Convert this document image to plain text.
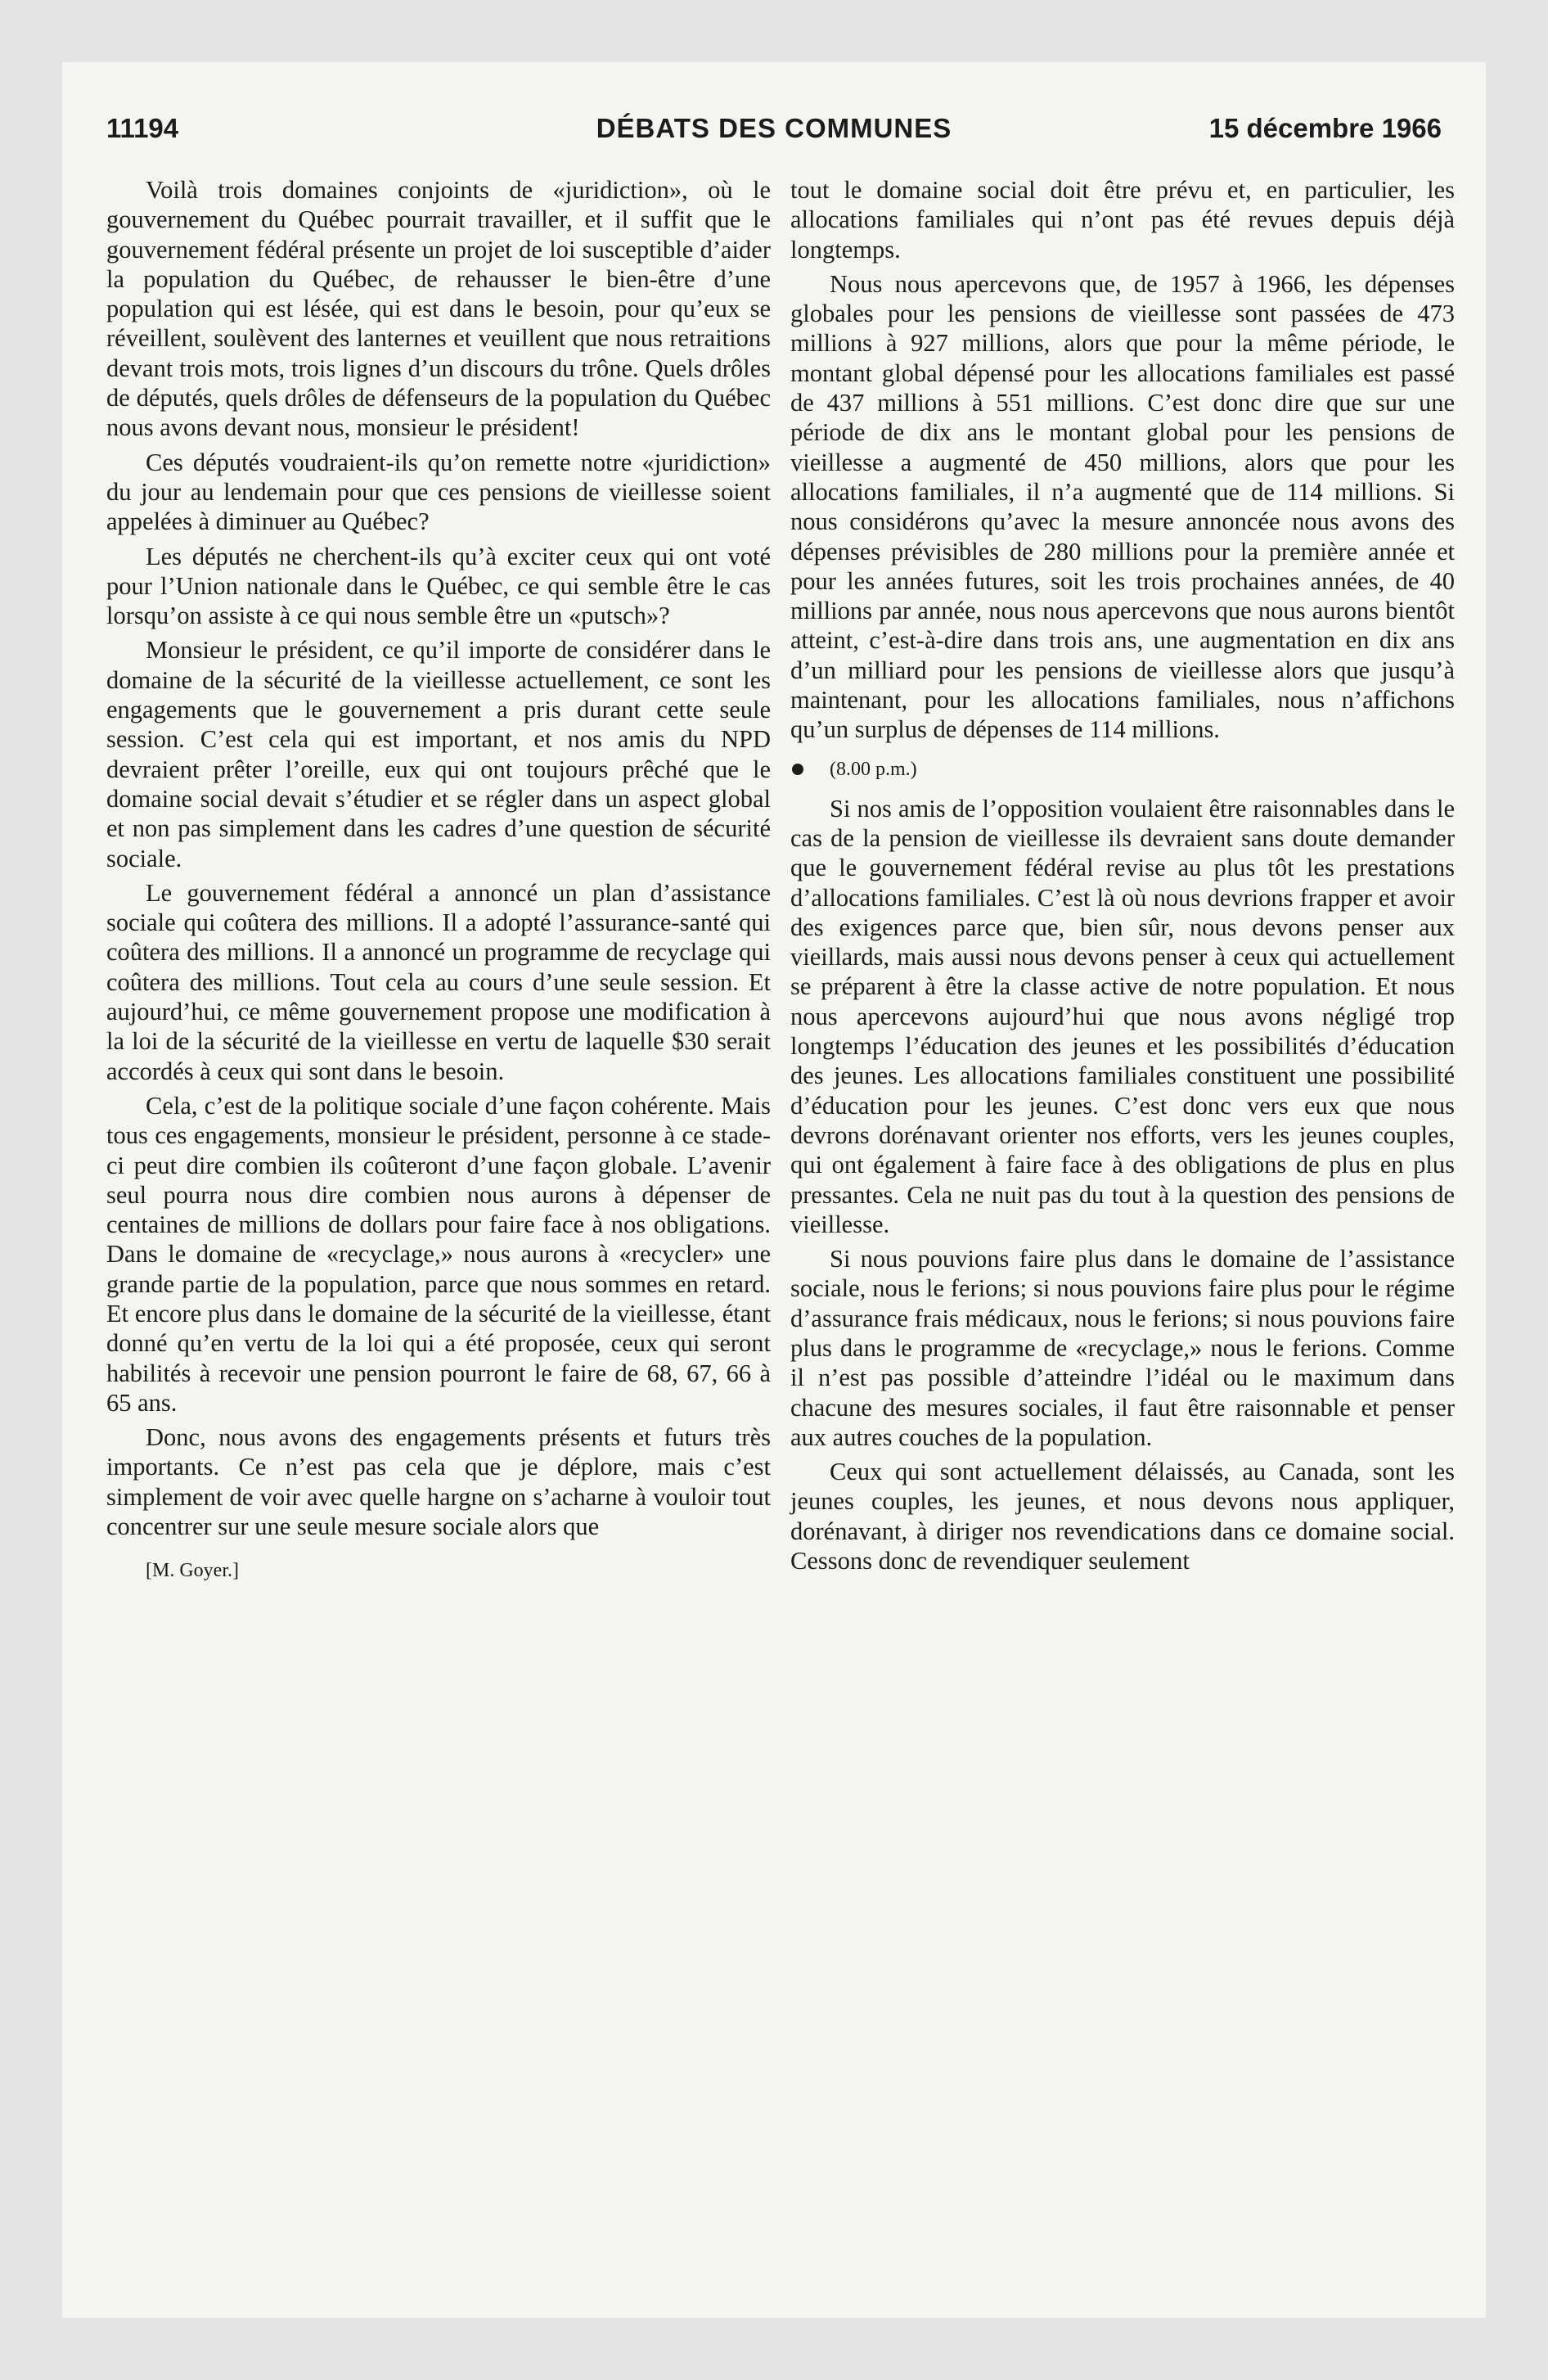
11194	DÉBATS DES COMMUNES	15 décembre 1966

Voilà trois domaines conjoints de «juridiction», où le gouvernement du Québec pourrait travailler, et il suffit que le gouvernement fédéral présente un projet de loi susceptible d’aider la population du Québec, de rehausser le bien-être d’une population qui est lésée, qui est dans le besoin, pour qu’eux se réveillent, soulèvent des lanternes et veuillent que nous retraitions devant trois mots, trois lignes d’un discours du trône. Quels drôles de députés, quels drôles de défenseurs de la population du Québec nous avons devant nous, monsieur le président!

Ces députés voudraient-ils qu’on remette notre «juridiction» du jour au lendemain pour que ces pensions de vieillesse soient appelées à diminuer au Québec?

Les députés ne cherchent-ils qu’à exciter ceux qui ont voté pour l’Union nationale dans le Québec, ce qui semble être le cas lorsqu’on assiste à ce qui nous semble être un «putsch»?

Monsieur le président, ce qu’il importe de considérer dans le domaine de la sécurité de la vieillesse actuellement, ce sont les engagements que le gouvernement a pris durant cette seule session. C’est cela qui est important, et nos amis du NPD devraient prêter l’oreille, eux qui ont toujours prêché que le domaine social devait s’étudier et se régler dans un aspect global et non pas simplement dans les cadres d’une question de sécurité sociale.

Le gouvernement fédéral a annoncé un plan d’assistance sociale qui coûtera des millions. Il a adopté l’assurance-santé qui coûtera des millions. Il a annoncé un programme de recyclage qui coûtera des millions. Tout cela au cours d’une seule session. Et aujourd’hui, ce même gouvernement propose une modification à la loi de la sécurité de la vieillesse en vertu de laquelle $30 serait accordés à ceux qui sont dans le besoin.

Cela, c’est de la politique sociale d’une façon cohérente. Mais tous ces engagements, monsieur le président, personne à ce stade-ci peut dire combien ils coûteront d’une façon globale. L’avenir seul pourra nous dire combien nous aurons à dépenser de centaines de millions de dollars pour faire face à nos obligations. Dans le domaine de «recyclage,» nous aurons à «recycler» une grande partie de la population, parce que nous sommes en retard. Et encore plus dans le domaine de la sécurité de la vieillesse, étant donné qu’en vertu de la loi qui a été proposée, ceux qui seront habilités à recevoir une pension pourront le faire de 68, 67, 66 à 65 ans.

Donc, nous avons des engagements présents et futurs très importants. Ce n’est pas cela que je déplore, mais c’est simplement de voir avec quelle hargne on s’acharne à vouloir tout concentrer sur une seule mesure sociale alors que

[M. Goyer.]

tout le domaine social doit être prévu et, en particulier, les allocations familiales qui n’ont pas été revues depuis déjà longtemps.

Nous nous apercevons que, de 1957 à 1966, les dépenses globales pour les pensions de vieillesse sont passées de 473 millions à 927 millions, alors que pour la même période, le montant global dépensé pour les allocations familiales est passé de 437 millions à 551 millions. C’est donc dire que sur une période de dix ans le montant global pour les pensions de vieillesse a augmenté de 450 millions, alors que pour les allocations familiales, il n’a augmenté que de 114 millions. Si nous considérons qu’avec la mesure annoncée nous avons des dépenses prévisibles de 280 millions pour la première année et pour les années futures, soit les trois prochaines années, de 40 millions par année, nous nous apercevons que nous aurons bientôt atteint, c’est-à-dire dans trois ans, une augmentation en dix ans d’un milliard pour les pensions de vieillesse alors que jusqu’à maintenant, pour les allocations familiales, nous n’affichons qu’un surplus de dépenses de 114 millions.

(8.00 p.m.)

Si nos amis de l’opposition voulaient être raisonnables dans le cas de la pension de vieillesse ils devraient sans doute demander que le gouvernement fédéral revise au plus tôt les prestations d’allocations familiales. C’est là où nous devrions frapper et avoir des exigences parce que, bien sûr, nous devons penser aux vieillards, mais aussi nous devons penser à ceux qui actuellement se préparent à être la classe active de notre population. Et nous nous apercevons aujourd’hui que nous avons négligé trop longtemps l’éducation des jeunes et les possibilités d’éducation des jeunes. Les allocations familiales constituent une possibilité d’éducation pour les jeunes. C’est donc vers eux que nous devrons dorénavant orienter nos efforts, vers les jeunes couples, qui ont également à faire face à des obligations de plus en plus pressantes. Cela ne nuit pas du tout à la question des pensions de vieillesse.

Si nous pouvions faire plus dans le domaine de l’assistance sociale, nous le ferions; si nous pouvions faire plus pour le régime d’assurance frais médicaux, nous le ferions; si nous pouvions faire plus dans le programme de «recyclage,» nous le ferions. Comme il n’est pas possible d’atteindre l’idéal ou le maximum dans chacune des mesures sociales, il faut être raisonnable et penser aux autres couches de la population.

Ceux qui sont actuellement délaissés, au Canada, sont les jeunes couples, les jeunes, et nous devons nous appliquer, dorénavant, à diriger nos revendications dans ce domaine social. Cessons donc de revendiquer seulement
